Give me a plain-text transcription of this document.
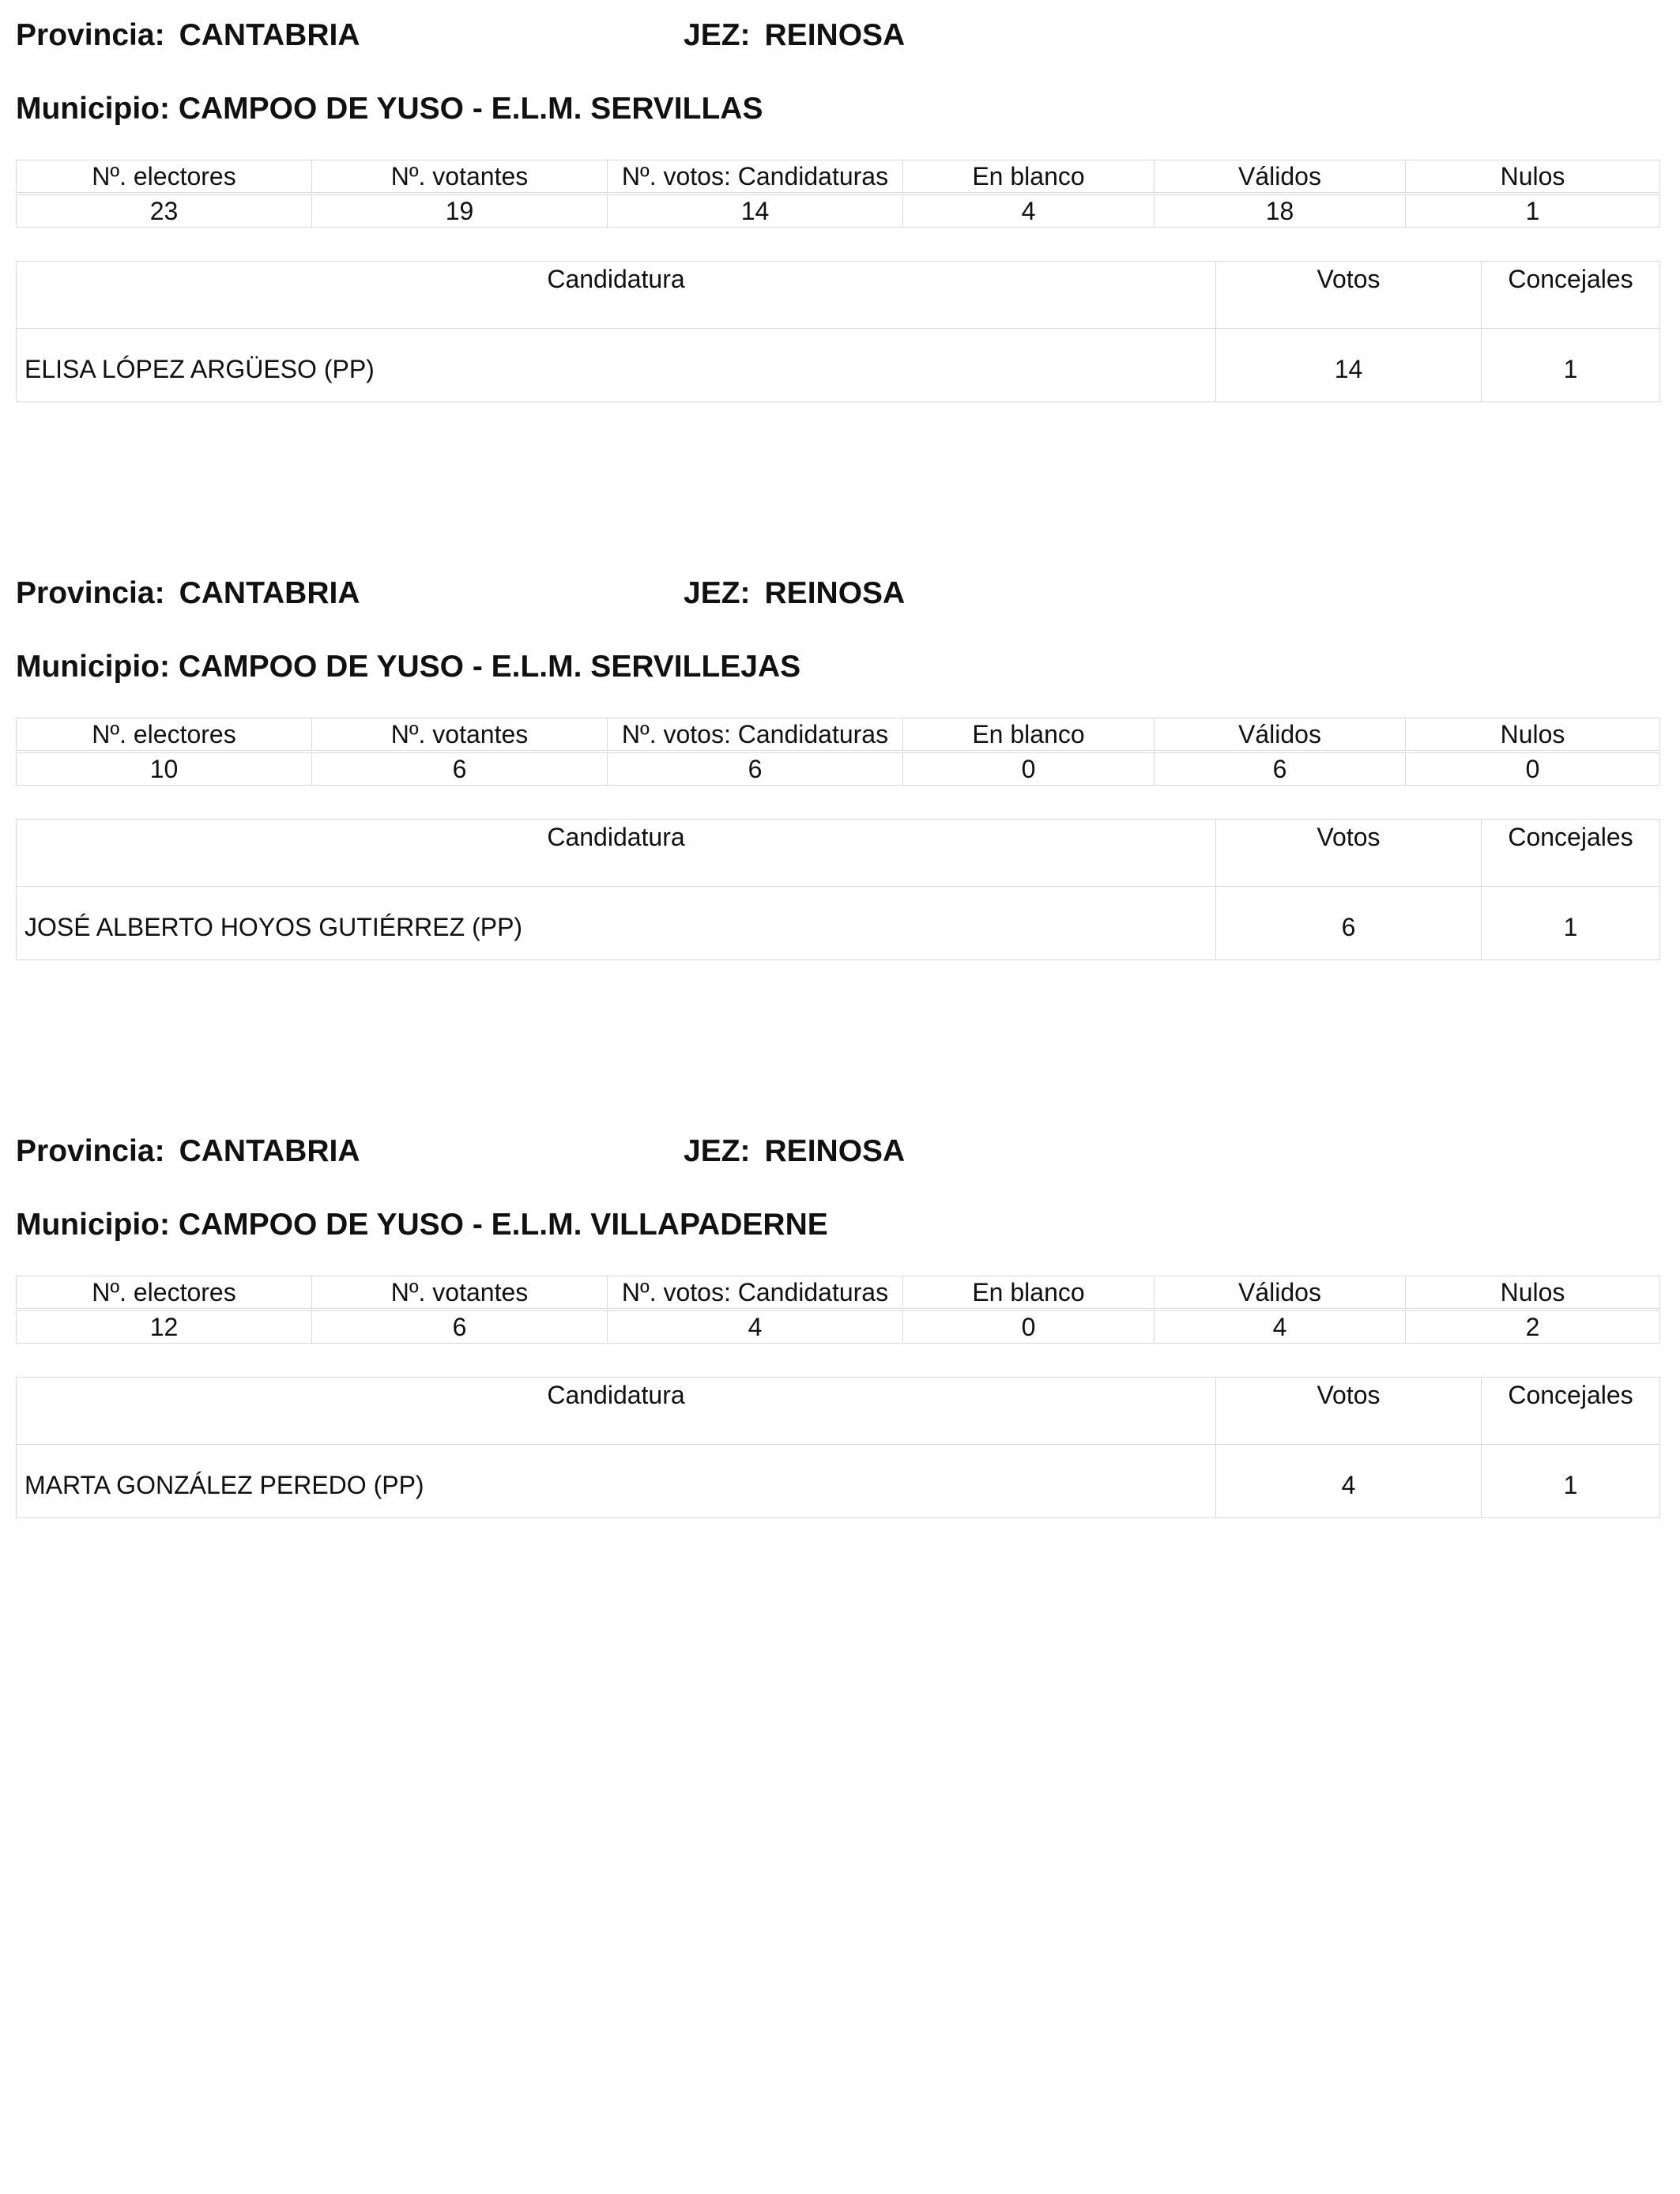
Provincia: CANTABRIA	JEZ: REINOSA
Municipio: CAMPOO DE YUSO - E.L.M. SERVILLAS
Nº. electores	Nº. votantes	Nº. votos: Candidaturas	En blanco	Válidos	Nulos

23	19	14	4	18	1
Candidatura	Votos	Concejales
ELISA LÓPEZ ARGÜESO (PP)	14	1
Provincia: CANTABRIA	JEZ: REINOSA
Municipio: CAMPOO DE YUSO - E.L.M. SERVILLEJAS
Nº. electores	Nº. votantes	Nº. votos: Candidaturas	En blanco	Válidos	Nulos

10	6	6	0	6	0
Candidatura	Votos	Concejales
JOSÉ ALBERTO HOYOS GUTIÉRREZ (PP)	6	1
Provincia: CANTABRIA	JEZ: REINOSA
Municipio: CAMPOO DE YUSO - E.L.M. VILLAPADERNE
Nº. electores	Nº. votantes	Nº. votos: Candidaturas	En blanco	Válidos	Nulos

12	6	4	0	4	2
Candidatura	Votos	Concejales
MARTA GONZÁLEZ PEREDO (PP)	4	1
